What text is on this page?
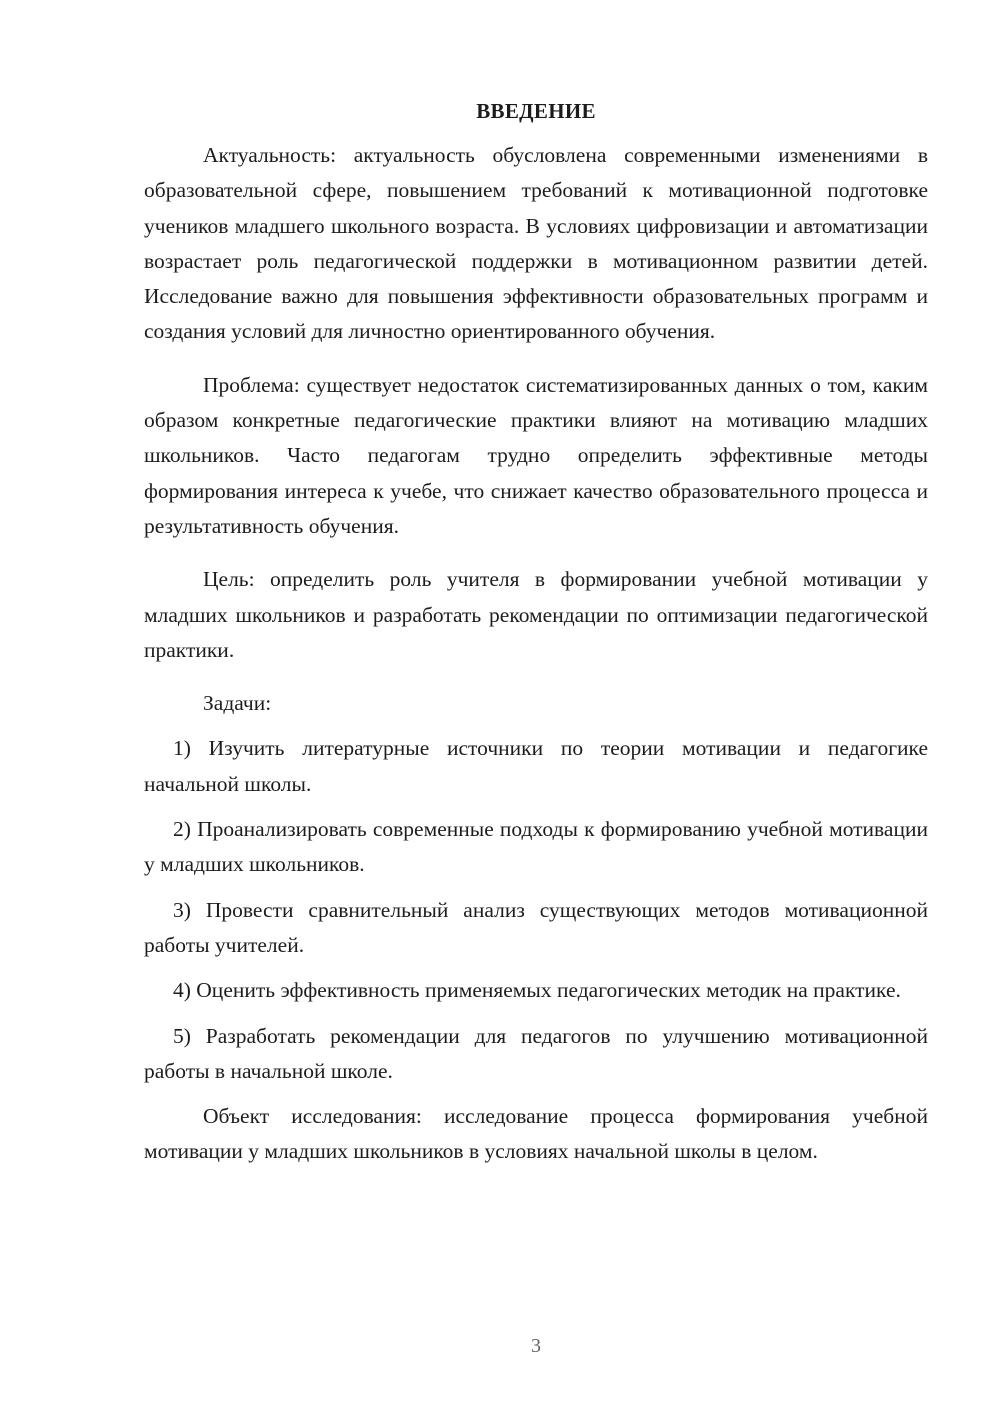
ВВЕДЕНИЕ

Актуальность: актуальность обусловлена современными изменениями в образовательной сфере, повышением требований к мотивационной подготовке учеников младшего школьного возраста. В условиях цифровизации и автоматизации возрастает роль педагогической поддержки в мотивационном развитии детей. Исследование важно для повышения эффективности образовательных программ и создания условий для личностно ориентированного обучения.

Проблема: существует недостаток систематизированных данных о том, каким образом конкретные педагогические практики влияют на мотивацию младших школьников. Часто педагогам трудно определить эффективные методы формирования интереса к учебе, что снижает качество образовательного процесса и результативность обучения.

Цель: определить роль учителя в формировании учебной мотивации у младших школьников и разработать рекомендации по оптимизации педагогической практики.

Задачи:

1) Изучить литературные источники по теории мотивации и педагогике начальной школы.

2) Проанализировать современные подходы к формированию учебной мотивации у младших школьников.

3) Провести сравнительный анализ существующих методов мотивационной работы учителей.

4) Оценить эффективность применяемых педагогических методик на практике.

5) Разработать рекомендации для педагогов по улучшению мотивационной работы в начальной школе.

Объект исследования: исследование процесса формирования учебной мотивации у младших школьников в условиях начальной школы в целом.

3
